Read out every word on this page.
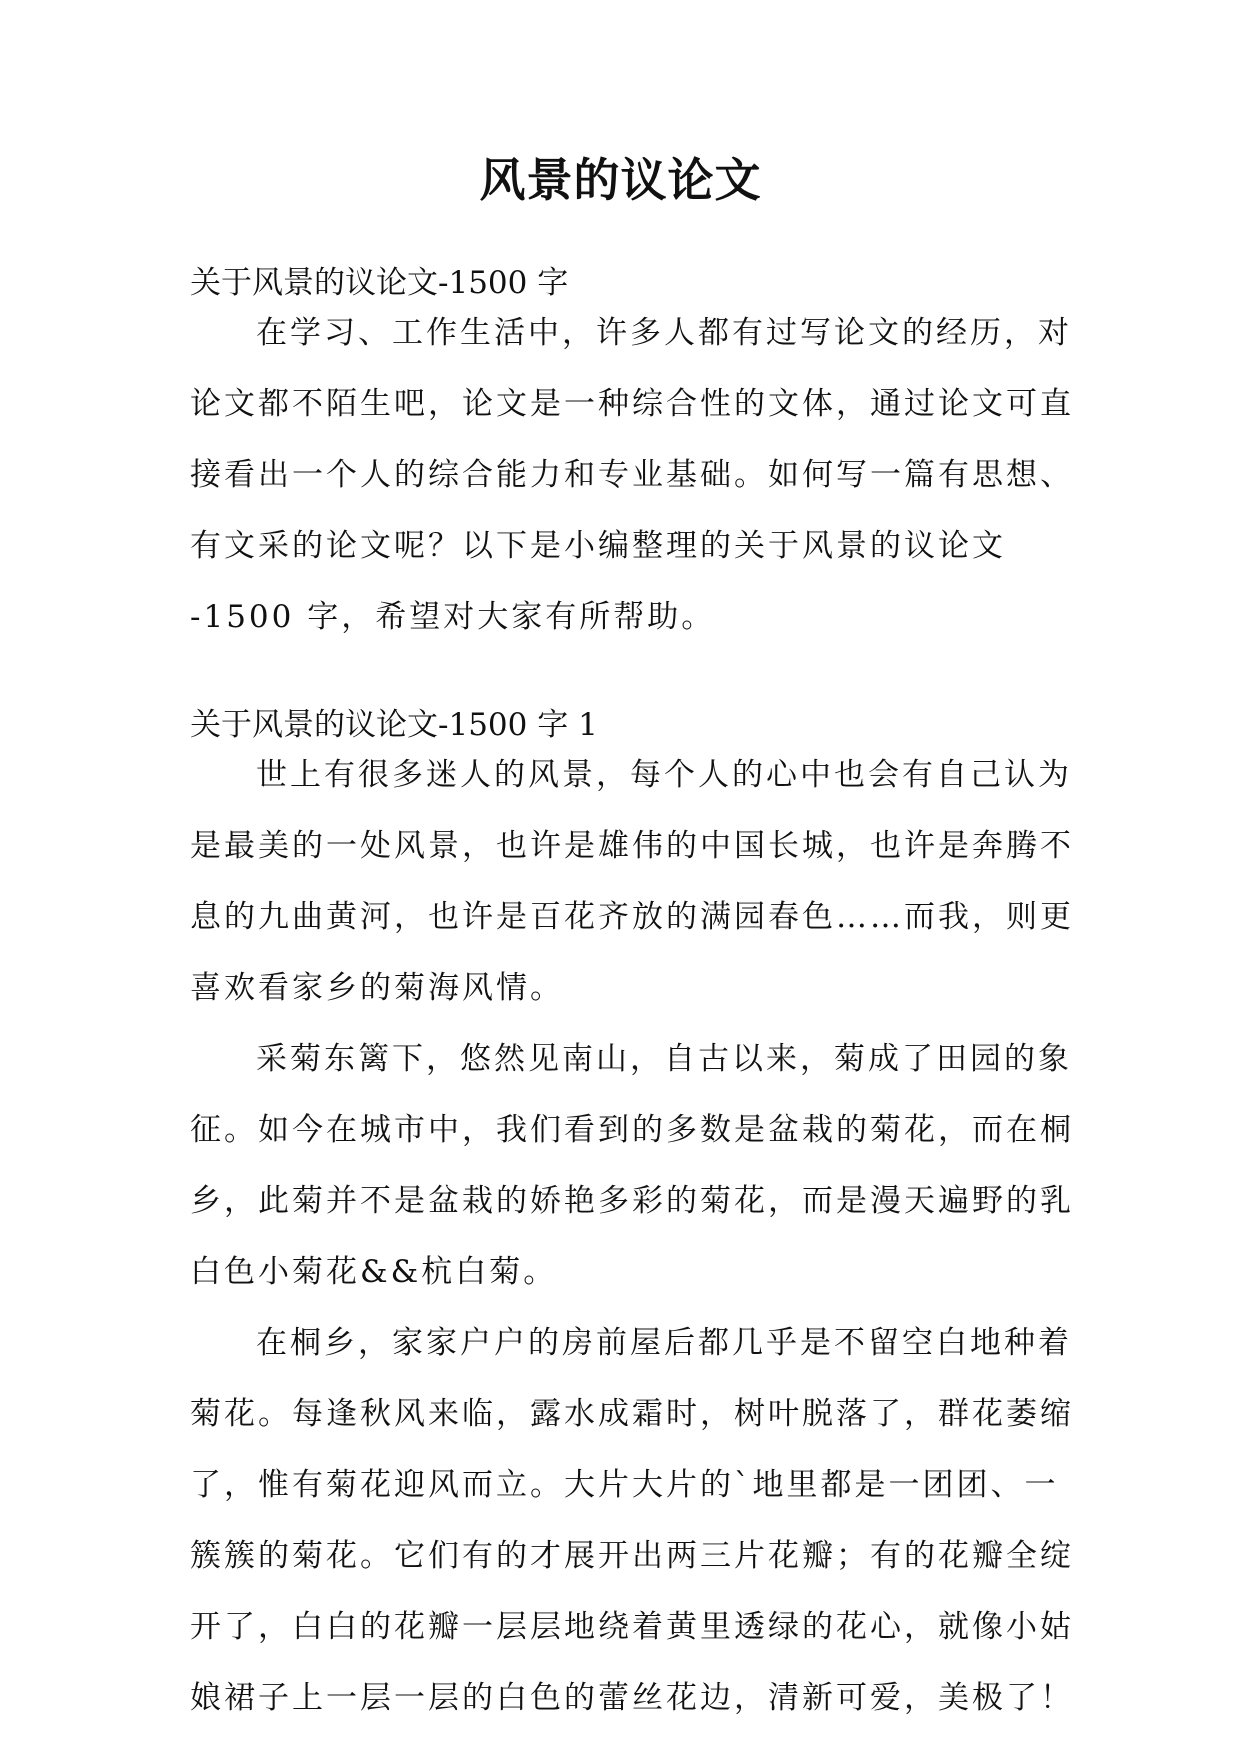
风景的议论文
关于风景的议论文-1500 字
在学习、工作生活中，许多人都有过写论文的经历，对
论文都不陌生吧，论文是一种综合性的文体，通过论文可直
接看出一个人的综合能力和专业基础。如何写一篇有思想、
有文采的论文呢？以下是小编整理的关于风景的议论文
-1500 字，希望对大家有所帮助。
关于风景的议论文-1500 字 1
世上有很多迷人的风景，每个人的心中也会有自己认为
是最美的一处风景，也许是雄伟的中国长城，也许是奔腾不
息的九曲黄河，也许是百花齐放的满园春色……而我，则更
喜欢看家乡的菊海风情。
采菊东篱下，悠然见南山，自古以来，菊成了田园的象
征。如今在城市中，我们看到的多数是盆栽的菊花，而在桐
乡，此菊并不是盆栽的娇艳多彩的菊花，而是漫天遍野的乳
白色小菊花&&杭白菊。
在桐乡，家家户户的房前屋后都几乎是不留空白地种着
菊花。每逢秋风来临，露水成霜时，树叶脱落了，群花萎缩
了，惟有菊花迎风而立。大片大片的`地里都是一团团、一
簇簇的菊花。它们有的才展开出两三片花瓣；有的花瓣全绽
开了，白白的花瓣一层层地绕着黄里透绿的花心，就像小姑
娘裙子上一层一层的白色的蕾丝花边，清新可爱，美极了！
